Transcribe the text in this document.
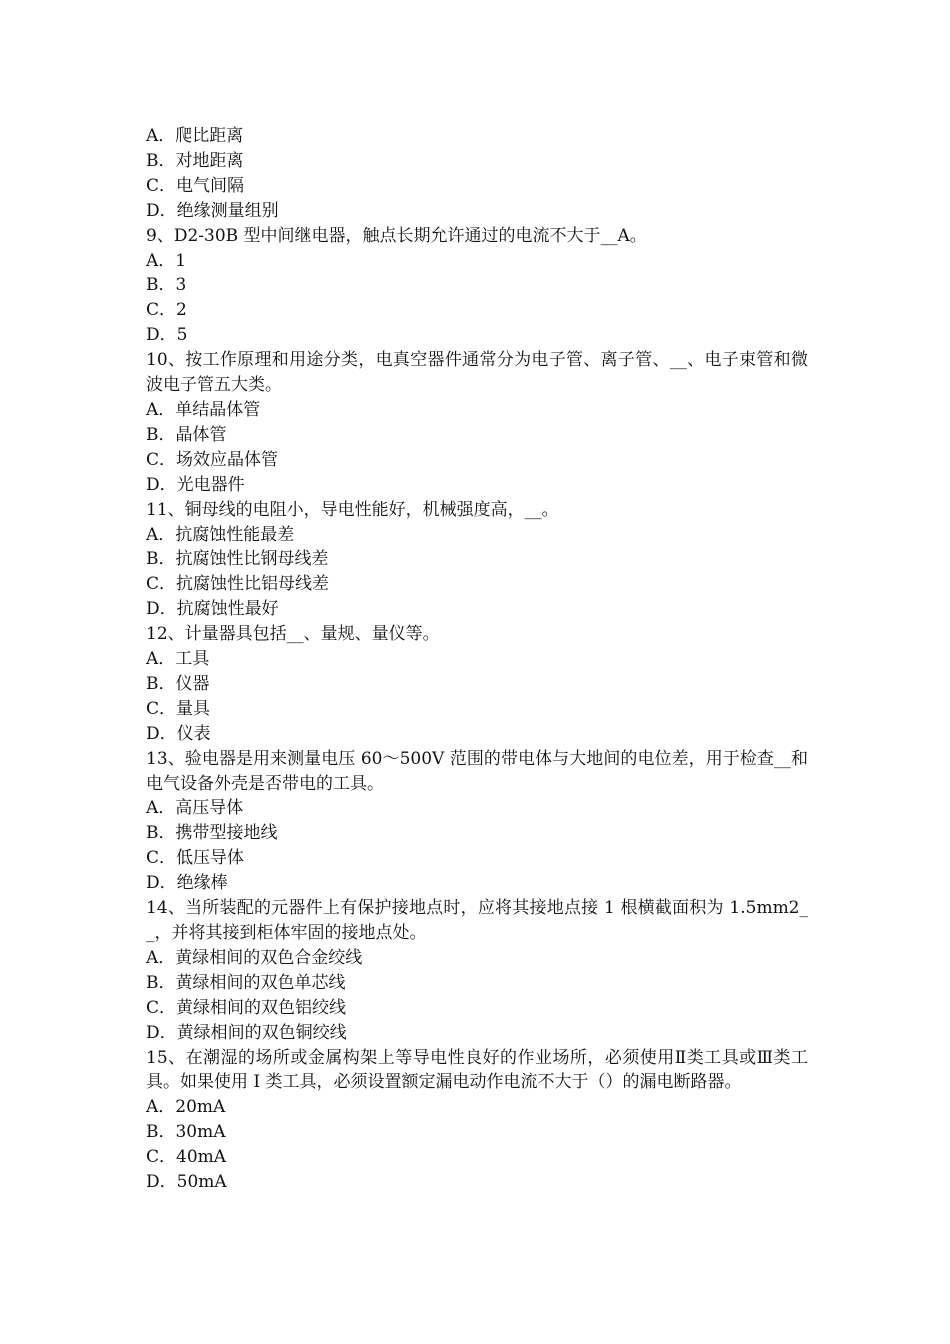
A．爬比距离

B．对地距离

C．电气间隔

D．绝缘测量组别

9、D2-30B 型中间继电器，触点长期允许通过的电流不大于__A。

A．1

B．3

C．2

D．5

10、按工作原理和用途分类，电真空器件通常分为电子管、离子管、__、电子束管和微波电子管五大类。

A．单结晶体管

B．晶体管

C．场效应晶体管

D．光电器件

11、铜母线的电阻小，导电性能好，机械强度高，__。

A．抗腐蚀性能最差

B．抗腐蚀性比钢母线差

C．抗腐蚀性比铝母线差

D．抗腐蚀性最好

12、计量器具包括__、量规、量仪等。

A．工具

B．仪器

C．量具

D．仪表

13、验电器是用来测量电压 60～500V 范围的带电体与大地间的电位差，用于检查__和电气设备外壳是否带电的工具。

A．高压导体

B．携带型接地线

C．低压导体

D．绝缘棒

14、当所装配的元器件上有保护接地点时，应将其接地点接 1 根横截面积为 1.5mm2__，并将其接到柜体牢固的接地点处。

A．黄绿相间的双色合金绞线

B．黄绿相间的双色单芯线

C．黄绿相间的双色铝绞线

D．黄绿相间的双色铜绞线

15、在潮湿的场所或金属构架上等导电性良好的作业场所，必须使用Ⅱ类工具或Ⅲ类工具。如果使用 I 类工具，必须设置额定漏电动作电流不大于（）的漏电断路器。

A．20mA

B．30mA

C．40mA

D．50mA
